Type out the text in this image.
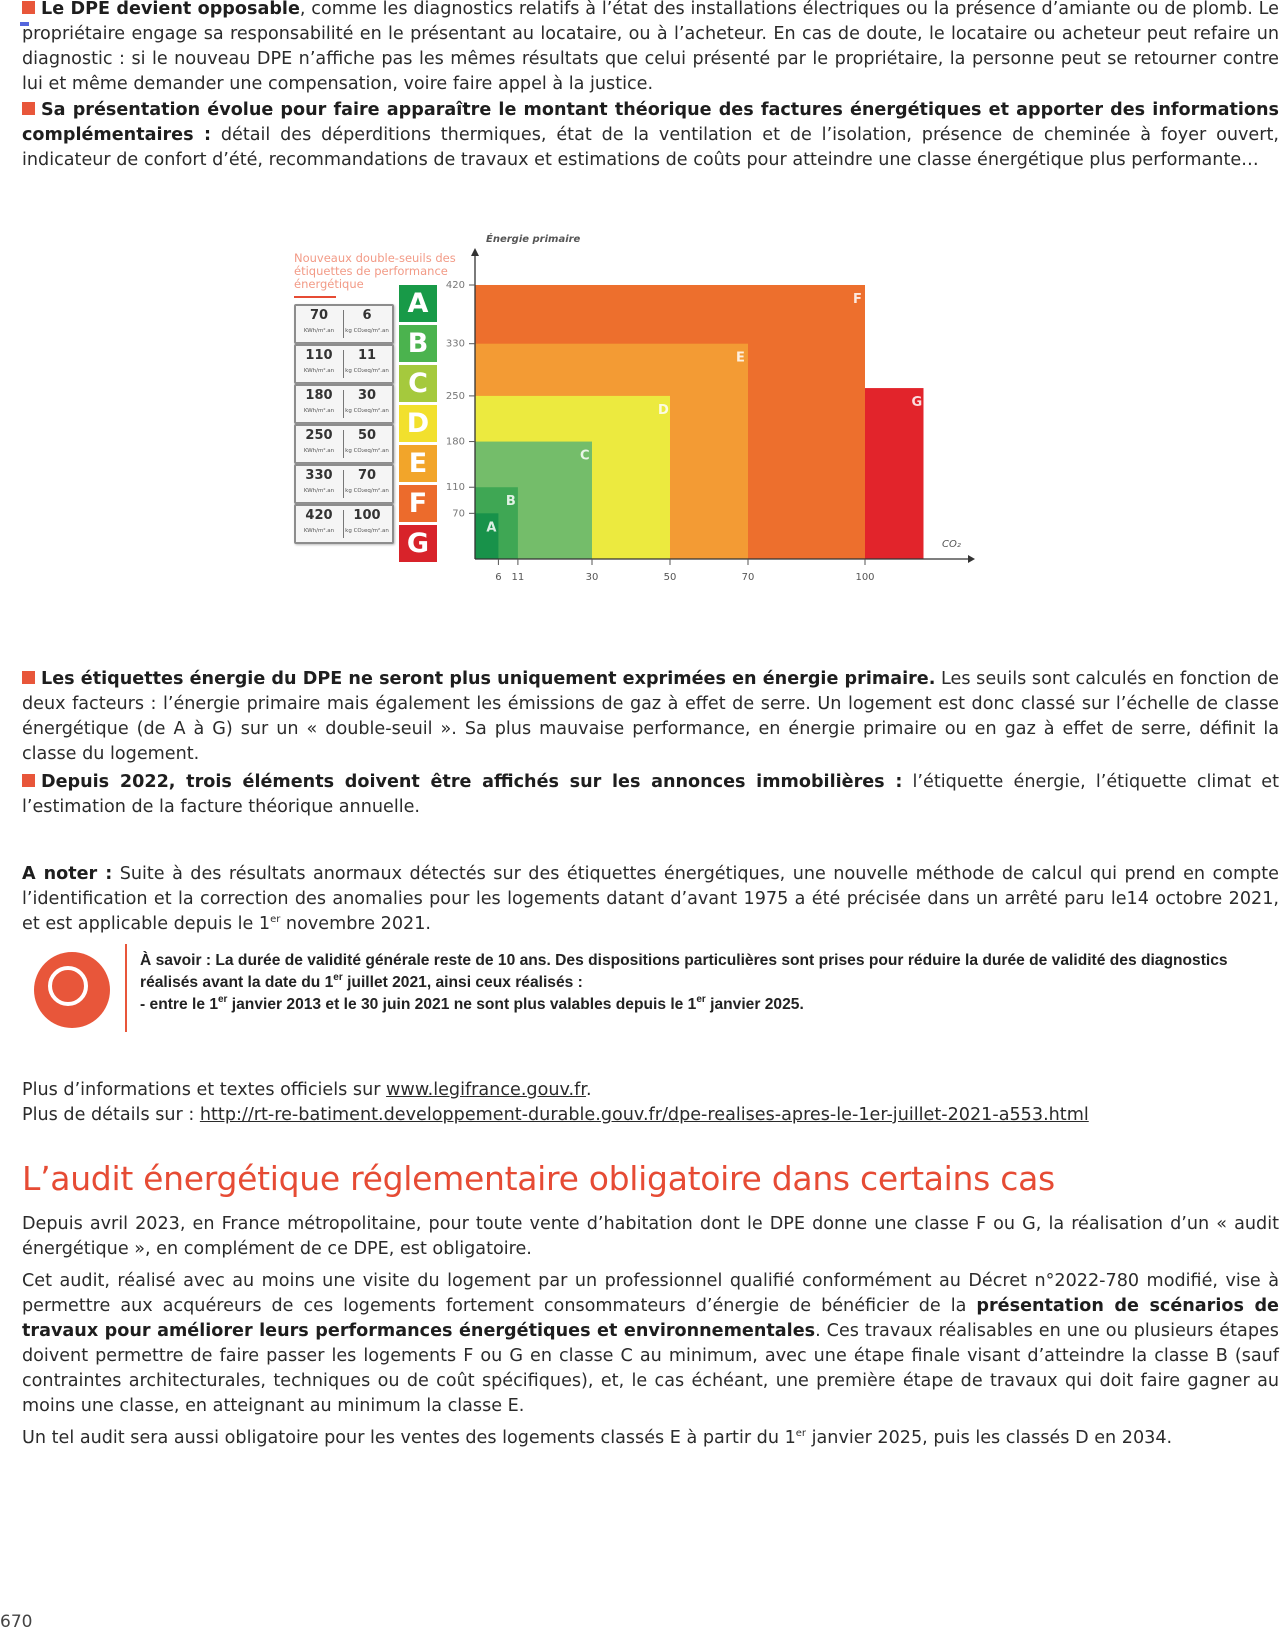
Le DPE devient opposable, comme les diagnostics relatifs à l’état des installations électriques ou la présence d’amiante ou de plomb. Le propriétaire engage sa responsabilité en le présentant au locataire, ou à l’acheteur. En cas de doute, le locataire ou acheteur peut refaire un diagnostic : si le nouveau DPE n’affiche pas les mêmes résultats que celui présenté par le propriétaire, la personne peut se retourner contre lui et même demander une compensation, voire faire appel à la justice.

Sa présentation évolue pour faire apparaître le montant théorique des factures énergétiques et apporter des informations complémentaires : détail des déperditions thermiques, état de la ventilation et de l’isolation, présence de cheminée à foyer ouvert, indicateur de confort d’été, recommandations de travaux et estimations de coûts pour atteindre une classe énergétique plus performante…

Nouveaux double-seuils des étiquettes de performance énergétique
70	6
KWh/m².an	kg CO₂eq/m².an
110	11
KWh/m².an	kg CO₂eq/m².an
180	30
KWh/m².an	kg CO₂eq/m².an
250	50
KWh/m².an	kg CO₂eq/m².an
330	70
KWh/m².an	kg CO₂eq/m².an
420	100
KWh/m².an	kg CO₂eq/m².an
A
B
C
D
E
F
G
G
F
E
D
C
B
A
6 11	30	50	70	100
70
110
180
250
330
420
Énergie primaire
CO₂

Les étiquettes énergie du DPE ne seront plus uniquement exprimées en énergie primaire. Les seuils sont calculés en fonction de deux facteurs : l’énergie primaire mais également les émissions de gaz à effet de serre. Un logement est donc classé sur l’échelle de classe énergétique (de A à G) sur un « double-seuil ». Sa plus mauvaise performance, en énergie primaire ou en gaz à effet de serre, définit la classe du logement.

Depuis 2022, trois éléments doivent être affichés sur les annonces immobilières : l’étiquette énergie, l’étiquette climat et l’estimation de la facture théorique annuelle.

A noter : Suite à des résultats anormaux détectés sur des étiquettes énergétiques, une nouvelle méthode de calcul qui prend en compte l’identification et la correction des anomalies pour les logements datant d’avant 1975 a été précisée dans un arrêté paru le14 octobre 2021, et est applicable depuis le 1er novembre 2021.

À savoir : La durée de validité générale reste de 10 ans. Des dispositions particulières sont prises pour réduire la durée de validité des diagnostics réalisés avant la date du 1er juillet 2021, ainsi ceux réalisés :
- entre le 1er janvier 2013 et le 30 juin 2021 ne sont plus valables depuis le 1er janvier 2025.

Plus d’informations et textes officiels sur www.legifrance.gouv.fr.
Plus de détails sur : http://rt-re-batiment.developpement-durable.gouv.fr/dpe-realises-apres-le-1er-juillet-2021-a553.html

L’audit énergétique réglementaire obligatoire dans certains cas

Depuis avril 2023, en France métropolitaine, pour toute vente d’habitation dont le DPE donne une classe F ou G, la réalisation d’un « audit énergétique », en complément de ce DPE, est obligatoire.

Cet audit, réalisé avec au moins une visite du logement par un professionnel qualifié conformément au Décret n°2022-780 modifié, vise à permettre aux acquéreurs de ces logements fortement consommateurs d’énergie de bénéficier de la présentation de scénarios de travaux pour améliorer leurs performances énergétiques et environnementales. Ces travaux réalisables en une ou plusieurs étapes doivent permettre de faire passer les logements F ou G en classe C au minimum, avec une étape finale visant d’atteindre la classe B (sauf contraintes architecturales, techniques ou de coût spécifiques), et, le cas échéant, une première étape de travaux qui doit faire gagner au moins une classe, en atteignant au minimum la classe E.

Un tel audit sera aussi obligatoire pour les ventes des logements classés E à partir du 1er janvier 2025, puis les classés D en 2034.

670
